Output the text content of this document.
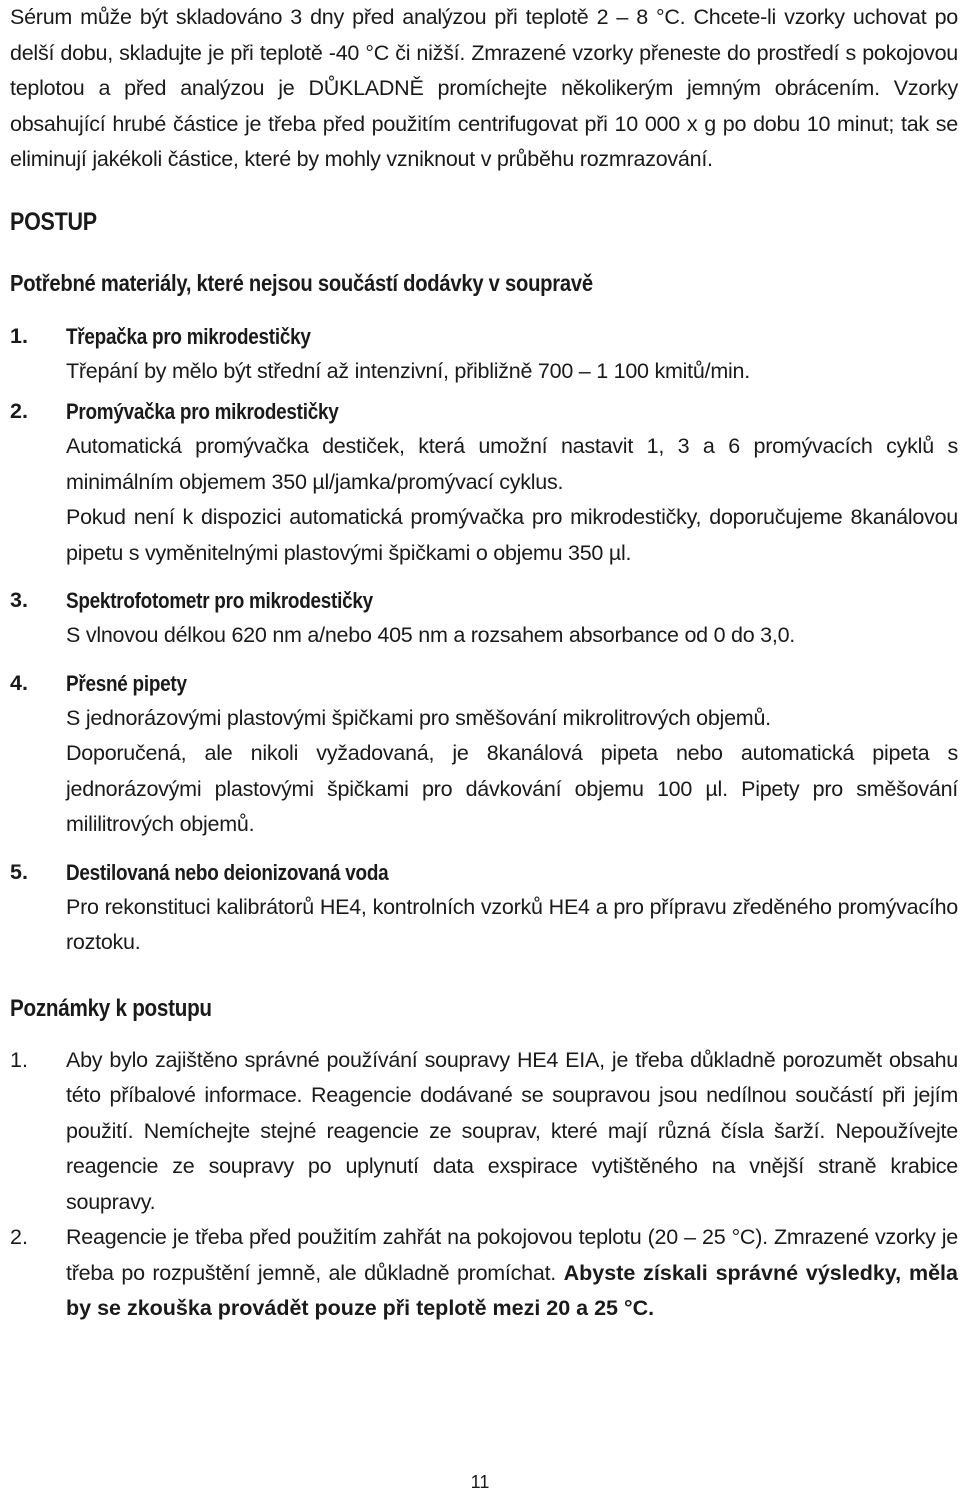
Sérum může být skladováno 3 dny před analýzou při teplotě 2 – 8 °C. Chcete-li vzorky uchovat po delší dobu, skladujte je při teplotě -40 °C či nižší. Zmrazené vzorky přeneste do prostředí s pokojovou teplotou a před analýzou je DŮKLADNĚ promíchejte několikerým jemným obrácením. Vzorky obsahující hrubé částice je třeba před použitím centrifugovat při 10 000 x g po dobu 10 minut; tak se eliminují jakékoli částice, které by mohly vzniknout v průběhu rozmrazování.

POSTUP
Potřebné materiály, které nejsou součástí dodávky v soupravě
1. Třepačka pro mikrodestičky

Třepání by mělo být střední až intenzivní, přibližně 700 – 1 100 kmitů/min.

2. Promývačka pro mikrodestičky

Automatická promývačka destiček, která umožní nastavit 1, 3 a 6 promývacích cyklů s minimálním objemem 350 µl/jamka/promývací cyklus.

Pokud není k dispozici automatická promývačka pro mikrodestičky, doporučujeme 8kanálovou pipetu s vyměnitelnými plastovými špičkami o objemu 350 µl.

3. Spektrofotometr pro mikrodestičky

S vlnovou délkou 620 nm a/nebo 405 nm a rozsahem absorbance od 0 do 3,0.

4. Přesné pipety

S jednorázovými plastovými špičkami pro směšování mikrolitrových objemů.

Doporučená, ale nikoli vyžadovaná, je 8kanálová pipeta nebo automatická pipeta s jednorázovými plastovými špičkami pro dávkování objemu 100 µl. Pipety pro směšování mililitrových objemů.

5. Destilovaná nebo deionizovaná voda

Pro rekonstituci kalibrátorů HE4, kontrolních vzorků HE4 a pro přípravu zředěného promývacího roztoku.

Poznámky k postupu
1. Aby bylo zajištěno správné používání soupravy HE4 EIA, je třeba důkladně porozumět obsahu této příbalové informace. Reagencie dodávané se soupravou jsou nedílnou součástí při jejím použití. Nemíchejte stejné reagencie ze souprav, které mají různá čísla šarží. Nepoužívejte reagencie ze soupravy po uplynutí data exspirace vytištěného na vnější straně krabice soupravy.

2. Reagencie je třeba před použitím zahřát na pokojovou teplotu (20 – 25 °C). Zmrazené vzorky je třeba po rozpuštění jemně, ale důkladně promíchat. Abyste získali správné výsledky, měla by se zkouška provádět pouze při teplotě mezi 20 a 25 °C.

11
